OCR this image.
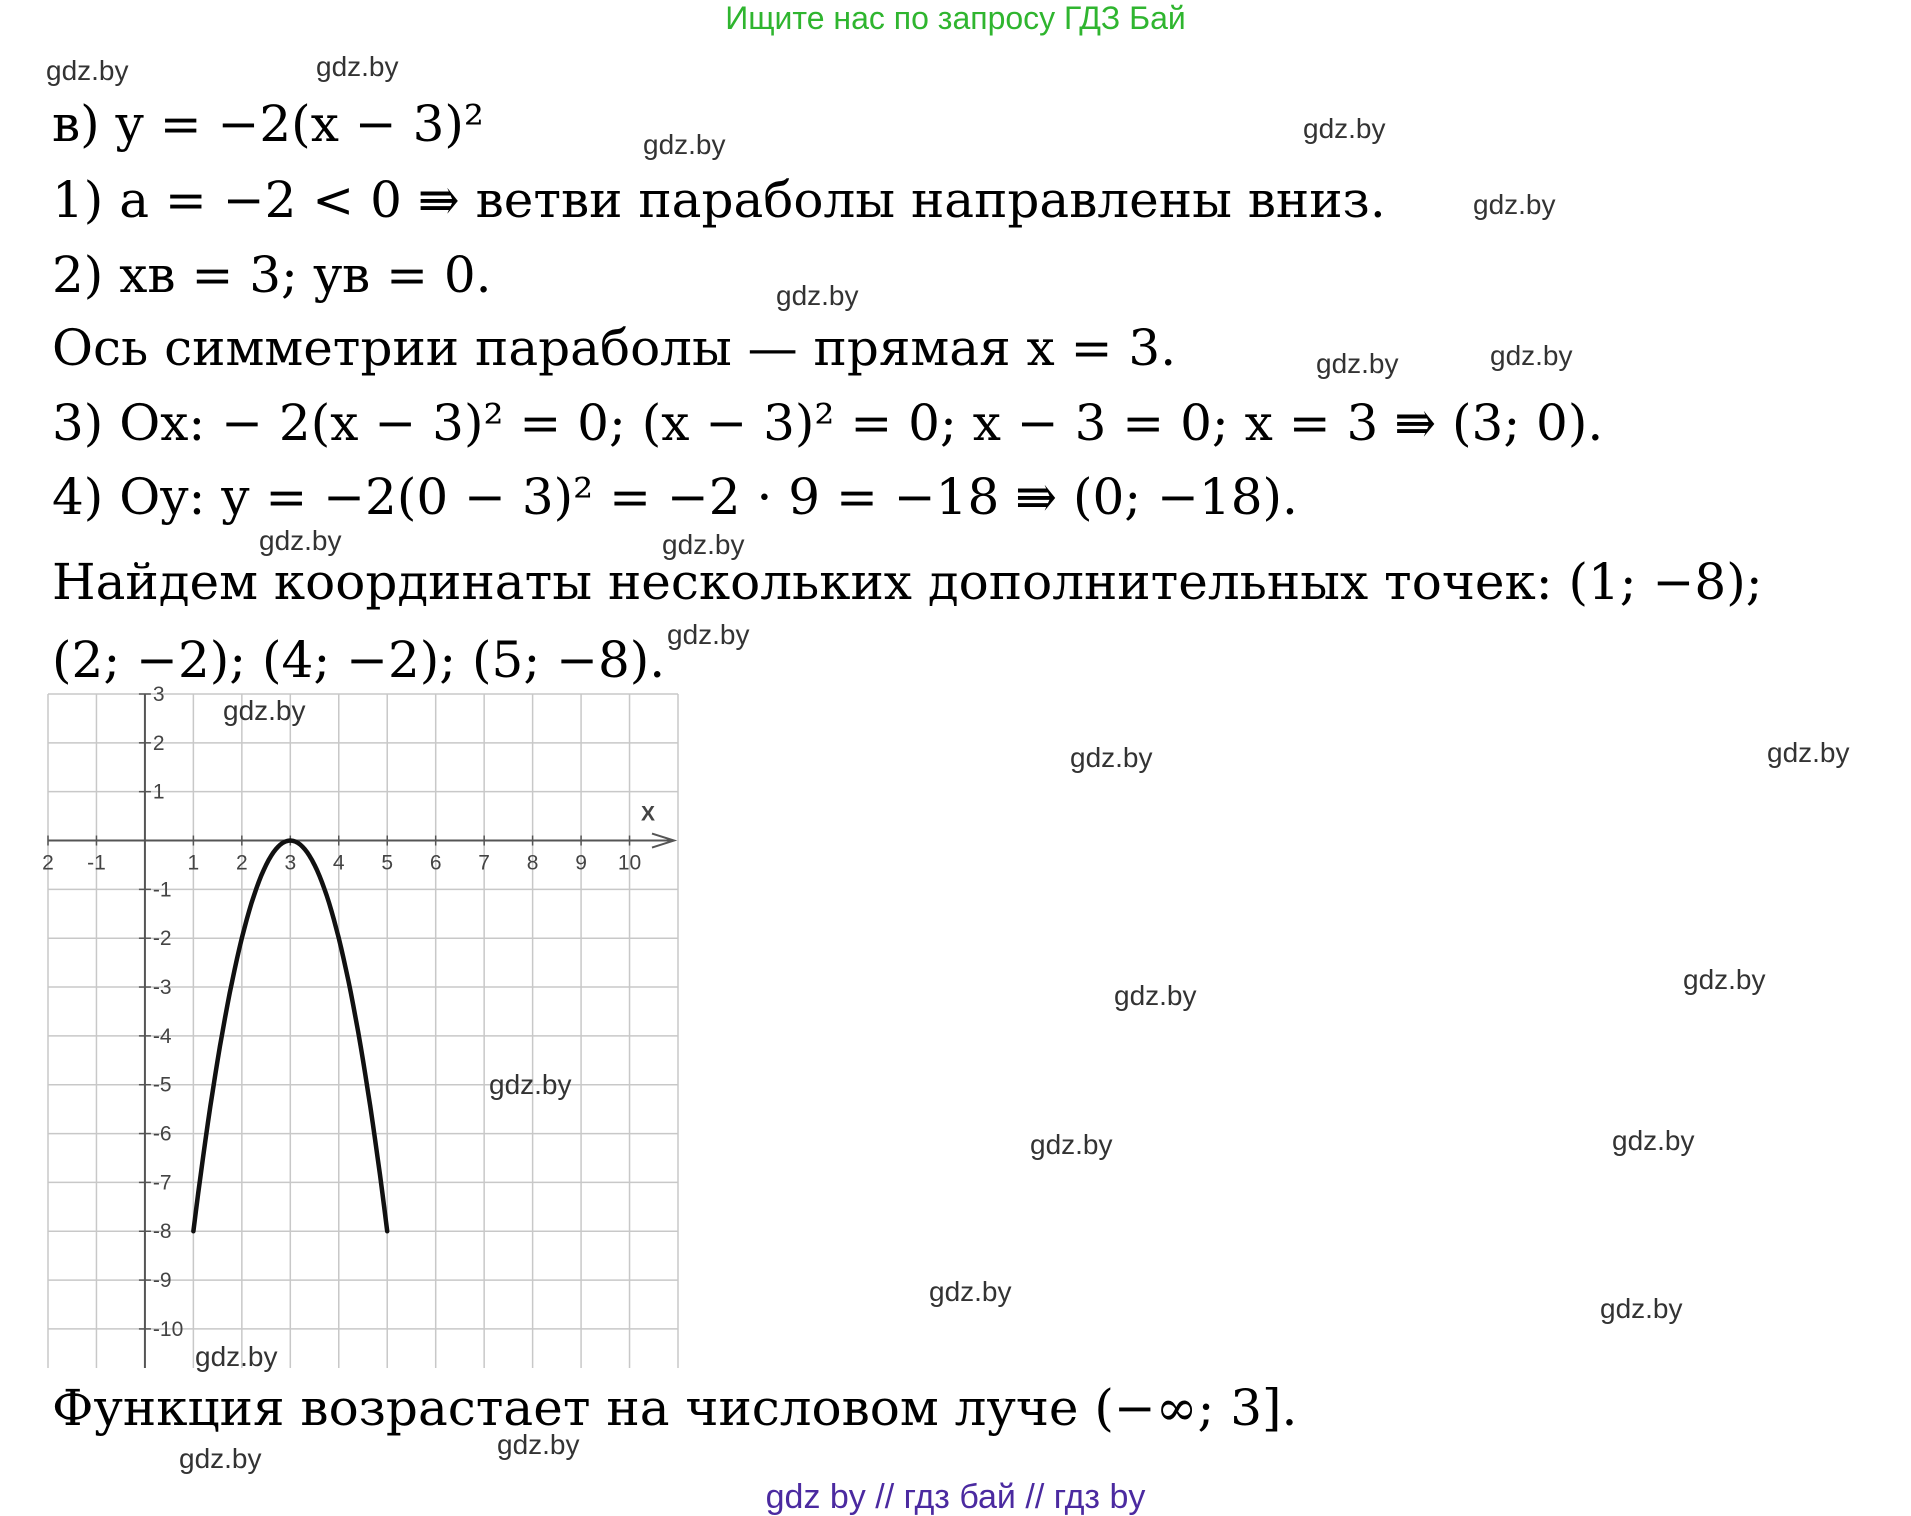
Ищите нас по запросу ГДЗ Бай
в) y = −2(x − 3)²
1) a = −2 < 0 ⇛ ветви параболы направлены вниз.
2) xв = 3; yв = 0.
Ось симметрии параболы — прямая x = 3.
3) Ox: − 2(x − 3)² = 0; (x − 3)² = 0; x − 3 = 0; x = 3 ⇛ (3; 0).
4) Oy: y = −2(0 − 3)² = −2 · 9 = −18 ⇛ (0; −18).
Найдем координаты нескольких дополнительных точек: (1; −8);
(2; −2); (4; −2); (5; −8).
2 -1	1 2 3 4 5 6 7 8 9 10
3
2
1
-1
-2
-3
-4
-5
-6
-7
-8
-9
-10
X
Функция возрастает на числовом луче (−∞; 3].
gdz.by	gdz.by
gdz.by
gdz.by
gdz.by
gdz.by
gdz.by	gdz.by
gdz.by	gdz.by
gdz.by
gdz.by
gdz.by	gdz.by
gdz.by
gdz.by
gdz.by
gdz.by	gdz.by
gdz.by
gdz.by
gdz.by
gdz.by	gdz.by
gdz by // гдз бай // гдз by
